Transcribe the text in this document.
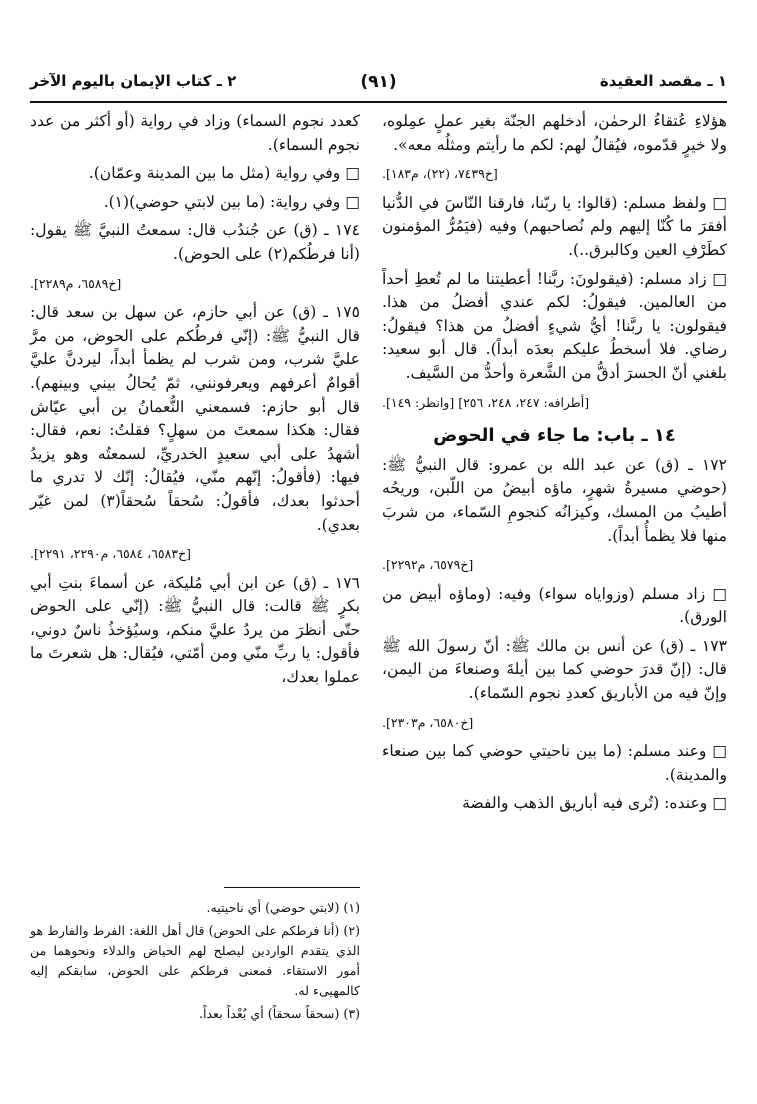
١ ـ مقصد العقيدة
(٩١)
٢ ـ كتاب الإيمان باليوم الآخر

هؤلاءِ عُتقاءُ الرحمٰن، أدخلهم الجنّة بغير عملٍ عمِلوه، ولا خيرٍ قدّموه، فيُقالُ لهم: لكم ما رأيتم ومثلُه معه».

[خ٧٤٣٩، (٢٢)، م١٨٣].

□ ولفظ مسلم: (قالوا: يا ربّنا، فارقنا النّاسَ في الدُّنيا أفقرَ ما كُنّا إليهم ولم نُصاحبهم) وفيه (فيَمُرُّ المؤمنون كطَرْفِ العين وكالبرق..).

□ زاد مسلم: (فيقولونَ: ربَّنا! أعطيتنا ما لم تُعطِ أحداً من العالمين. فيقولُ: لكم عندي أفضلُ من هذا. فيقولون: يا ربَّنا! أيُّ شيءٍ أفضلُ من هذا؟ فيقولُ: رضاي. فلا أسخطُ عليكم بعدَه أبداً). قال أبو سعيد: بلغني أنّ الجسرَ أدقُّ من الشَّعرة وأحدُّ من السَّيف.

[أطرافه: ٢٤٧، ٢٤٨، ٢٥٦] [وانظر: ١٤٩].

١٤ ـ باب: ما جاء في الحوض

١٧٢ ـ (ق) عن عبد الله بن عمرو: قال النبيُّ ﷺ: (حوضي مسيرةُ شهرٍ، ماؤه أبيضُ من اللّبن، وريحُه أطيبُ من المسك، وكيزانُه كنجومِ السّماء، من شربَ منها فلا يظمأُ أبداً).

[خ٦٥٧٩، م٢٢٩٢].

□ زاد مسلم (وزواياه سواء) وفيه: (وماؤه أبيض من الورق).

١٧٣ ـ (ق) عن أنس بن مالك ﷺ: أنّ رسولَ الله ﷺ قال: (إنّ قدرَ حوضي كما بين أيلةَ وصنعاءَ من اليمن، وإنّ فيه من الأباريق كعددِ نجوم السّماء).

[خ٦٥٨٠، م٢٣٠٣].

□ وعند مسلم: (ما بين ناحيتي حوضي كما بين صنعاء والمدينة).

□ وعنده: (تُرى فيه أباريق الذهب والفضة

كعدد نجوم السماء) وزاد في رواية (أو أكثر من عدد نجوم السماء).

□ وفي رواية (مثل ما بين المدينة وعمّان).

□ وفي رواية: (ما بين لابتي حوضي)(١).

١٧٤ ـ (ق) عن جُندُب قال: سمعتُ النبيَّ ﷺ يقول: (أنا فرطُكم(٢) على الحوض).

[خ٦٥٨٩، م٢٢٨٩].

١٧٥ ـ (ق) عن أبي حازم، عن سهل بن سعد قال: قال النبيُّ ﷺ: (إنّي فرطُكم على الحوض، من مرَّ عليَّ شرب، ومن شرب لم يظمأ أبداً، ليردنَّ عليَّ أقوامٌ أعرفهم ويعرفونني، ثمّ يُحالُ بيني وبينهم). قال أبو حازم: فسمعني النُّعمانُ بن أبي عيّاش فقال: هكذا سمعتَ من سهلٍ؟ فقلتُ: نعم، فقال: أشهدُ على أبي سعيدٍ الخدريِّ، لسمعتُه وهو يزيدُ فيها: (فأقولُ: إنّهم منّي، فيُقالُ: إنّك لا تدري ما أحدثوا بعدك، فأقولُ: سُحقاً سُحقاً(٣) لمن غيّر بعدي).

[خ٦٥٨٣، ٦٥٨٤، م٢٢٩٠، ٢٢٩١].

١٧٦ ـ (ق) عن ابن أبي مُليكة، عن أسماءَ بنتِ أبي بكرٍ ﷺ قالت: قال النبيُّ ﷺ: (إنّي على الحوض حتّى أنظرَ من يردُ عليَّ منكم، وسيُؤخذُ ناسٌ دوني، فأقول: يا ربِّ منّي ومن أمّتي، فيُقال: هل شعرتَ ما عملوا بعدك،

(١) (لابتي حوضي) أي ناحيتيه.

(٢) (أنا فرطكم على الحوض) قال أهل اللغة: الفرط والفارط هو الذي يتقدم الواردين ليصلح لهم الحياض والدلاء ونحوهما من أمور الاستقاء. فمعنى فرطكم على الحوض، سابقكم إليه كالمهيىء له.

(٣) (سحقاً سحقاً) أي بُعْداً بعداً.
